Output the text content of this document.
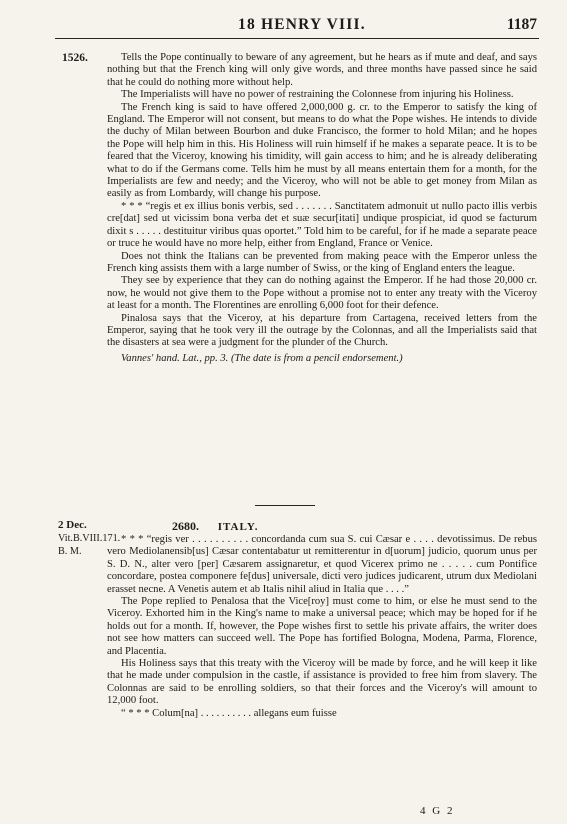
18 HENRY VIII.	1187
1526.	Tells the Pope continually to beware of any agreement, but he hears as if mute and deaf, and says nothing but that the French king will only give words, and three months have passed since he said that he could do nothing more without help.

The Imperialists will have no power of restraining the Colonnese from injuring his Holiness.

The French king is said to have offered 2,000,000 g. cr. to the Emperor to satisfy the king of England. The Emperor will not consent, but means to do what the Pope wishes. He intends to divide the duchy of Milan between Bourbon and duke Francisco, the former to hold Milan; and he hopes the Pope will help him in this. His Holiness will ruin himself if he makes a separate peace. It is to be feared that the Viceroy, knowing his timidity, will gain access to him; and he is already deliberating what to do if the Germans come. Tells him he must by all means entertain them for a month, for the Imperialists are few and needy; and the Viceroy, who will not be able to get money from Milan as easily as from Lombardy, will change his purpose.

* * * “regis et ex illius bonis verbis, sed . . . . . . . Sanctitatem admonuit ut nullo pacto illis verbis cre[dat] sed ut vicissim bona verba det et suæ secur[itati] undique prospiciat, id quod se facturum dixit s . . . . . destituitur viribus quas oportet.” Told him to be careful, for if he made a separate peace or truce he would have no more help, either from England, France or Venice.

Does not think the Italians can be prevented from making peace with the Emperor unless the French king assists them with a large number of Swiss, or the king of England enters the league.

They see by experience that they can do nothing against the Emperor. If he had those 20,000 cr. now, he would not give them to the Pope without a promise not to enter any treaty with the Viceroy at least for a month. The Florentines are enrolling 6,000 foot for their defence.

Pinalosa says that the Viceroy, at his departure from Cartagena, received letters from the Emperor, saying that he took very ill the outrage by the Colonnas, and all the Imperialists said that the disasters at sea were a judgment for the plunder of the Church.

Vannes' hand. Lat., pp. 3. (The date is from a pencil endorsement.)

2 Dec.
Vit.B.VIII.171.
B. M.
2680. ITALY.

* * * “regis ver . . . . . . . . . . concordanda cum sua S. cui Cæsar e . . . . devotissimus. De rebus vero Mediolanensib[us] Cæsar contentabatur ut remitterentur in d[uorum] judicio, quorum unus per S. D. N., alter vero [per] Cæsarem assignaretur, et quod Vicerex primo ne . . . . . cum Pontifice concordare, postea componere fe[dus] universale, dicti vero judices judicarent, utrum dux Mediolani erasset necne. A Venetis autem et ab Italis nihil aliud in Italia que . . . .”

The Pope replied to Penalosa that the Vice[roy] must come to him, or else he must send to the Viceroy. Exhorted him in the King's name to make a universal peace; which may be hoped for if he holds out for a month. If, however, the Pope wishes first to settle his private affairs, the writer does not see how matters can succeed well. The Pope has fortified Bologna, Modena, Parma, Florence, and Placentia.

His Holiness says that this treaty with the Viceroy will be made by force, and he will keep it like that he made under compulsion in the castle, if assistance is provided to free him from slavery. The Colonnas are said to be enrolling soldiers, so that their forces and the Viceroy's will amount to 12,000 foot.

“ * * * Colum[na] . . . . . . . . . . allegans eum fuisse

4 G 2
